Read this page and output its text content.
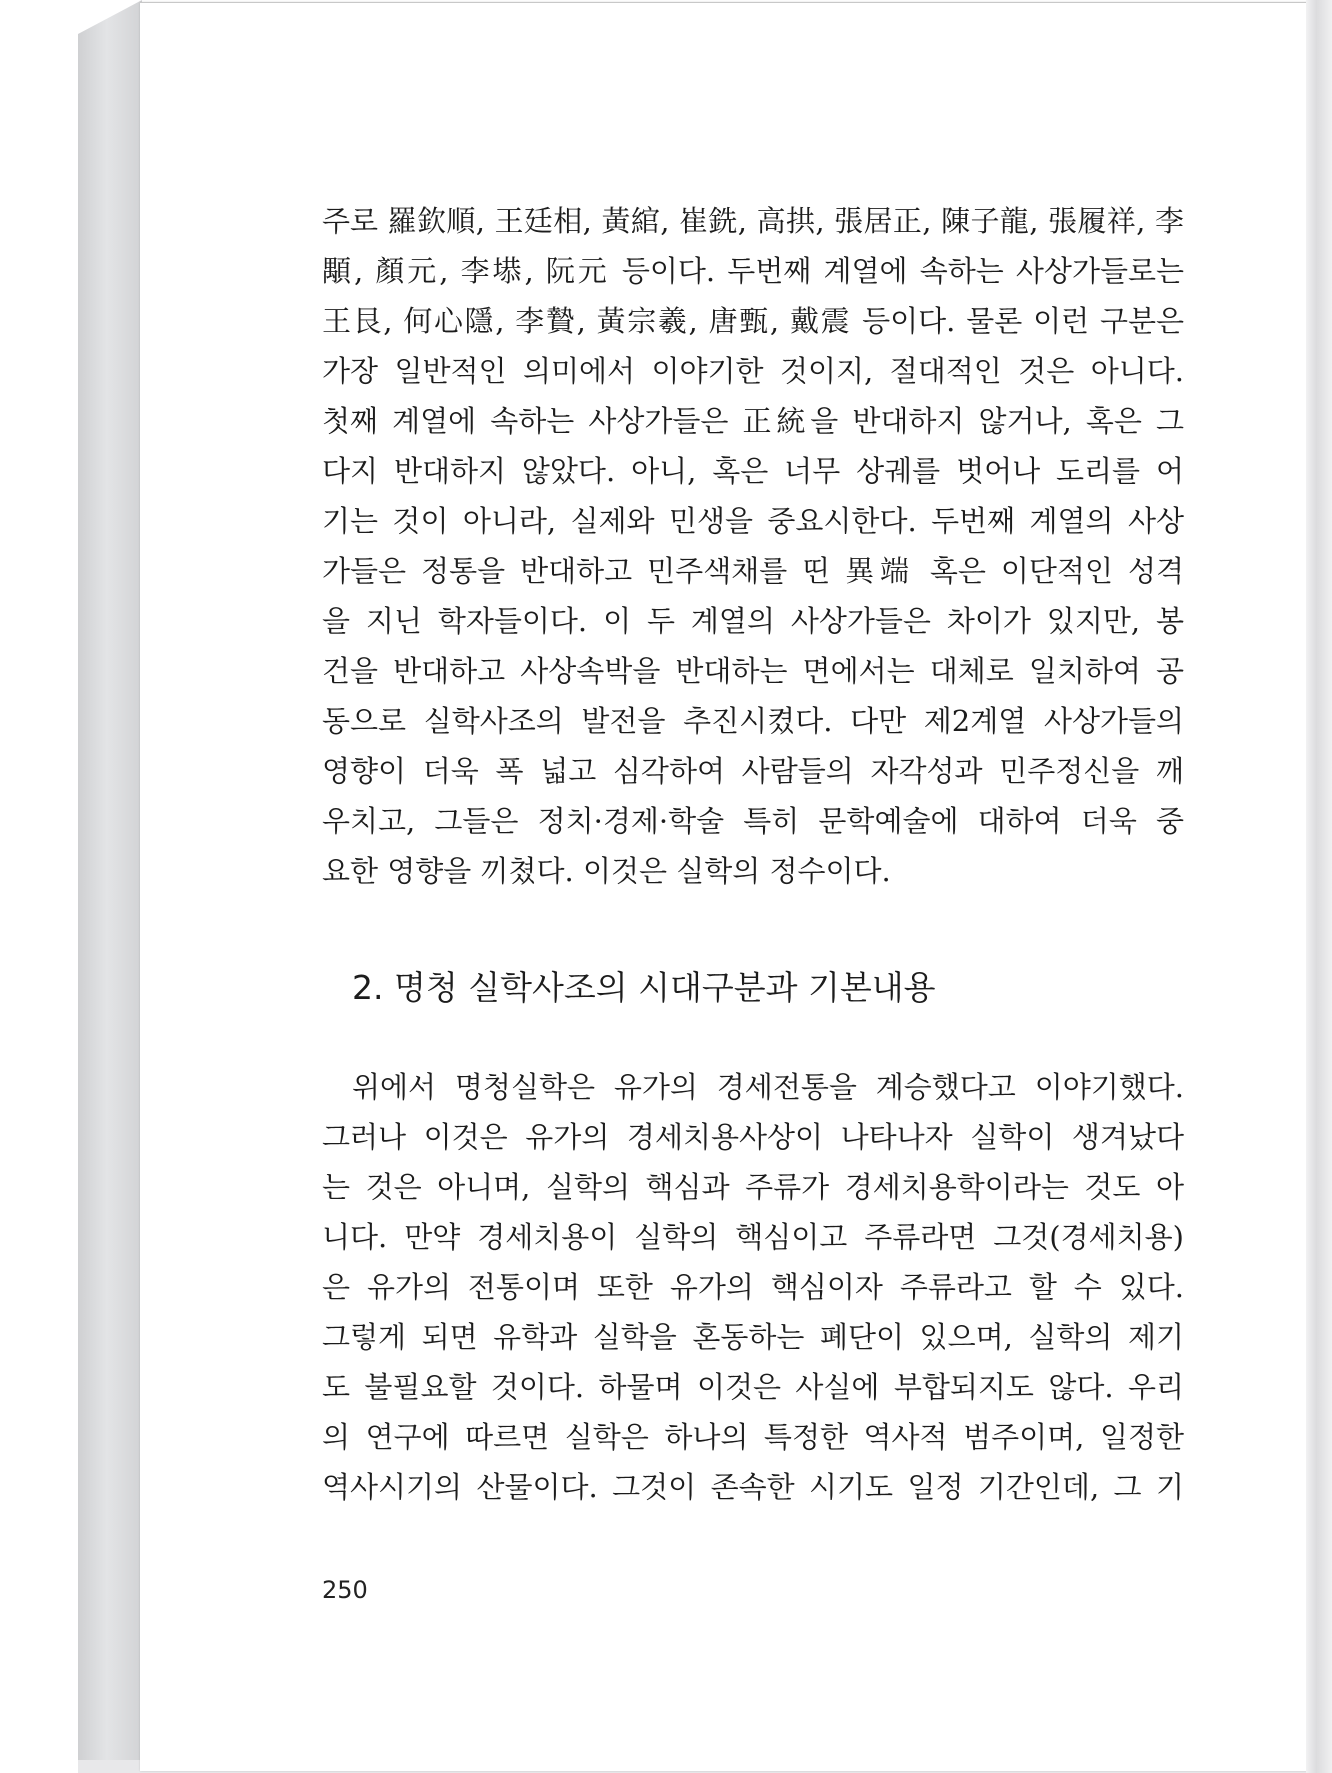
주로 羅欽順, 王廷相, 黃綰, 崔銑, 高拱, 張居正, 陳子龍, 張履祥, 李
顒, 顏元, 李塨, 阮元 등이다. 두번째 계열에 속하는 사상가들로는
王艮, 何心隱, 李贄, 黃宗羲, 唐甄, 戴震 등이다. 물론 이런 구분은
가장 일반적인 의미에서 이야기한 것이지, 절대적인 것은 아니다.
첫째 계열에 속하는 사상가들은 正統을 반대하지 않거나, 혹은 그
다지 반대하지 않았다. 아니, 혹은 너무 상궤를 벗어나 도리를 어
기는 것이 아니라, 실제와 민생을 중요시한다. 두번째 계열의 사상
가들은 정통을 반대하고 민주색채를 띤 異端 혹은 이단적인 성격
을 지닌 학자들이다. 이 두 계열의 사상가들은 차이가 있지만, 봉
건을 반대하고 사상속박을 반대하는 면에서는 대체로 일치하여 공
동으로 실학사조의 발전을 추진시켰다. 다만 제2계열 사상가들의
영향이 더욱 폭 넓고 심각하여 사람들의 자각성과 민주정신을 깨
우치고, 그들은 정치·경제·학술 특히 문학예술에 대하여 더욱 중
요한 영향을 끼쳤다. 이것은 실학의 정수이다.
2. 명청 실학사조의 시대구분과 기본내용
위에서 명청실학은 유가의 경세전통을 계승했다고 이야기했다.
그러나 이것은 유가의 경세치용사상이 나타나자 실학이 생겨났다
는 것은 아니며, 실학의 핵심과 주류가 경세치용학이라는 것도 아
니다. 만약 경세치용이 실학의 핵심이고 주류라면 그것(경세치용)
은 유가의 전통이며 또한 유가의 핵심이자 주류라고 할 수 있다.
그렇게 되면 유학과 실학을 혼동하는 폐단이 있으며, 실학의 제기
도 불필요할 것이다. 하물며 이것은 사실에 부합되지도 않다. 우리
의 연구에 따르면 실학은 하나의 특정한 역사적 범주이며, 일정한
역사시기의 산물이다. 그것이 존속한 시기도 일정 기간인데, 그 기
250
